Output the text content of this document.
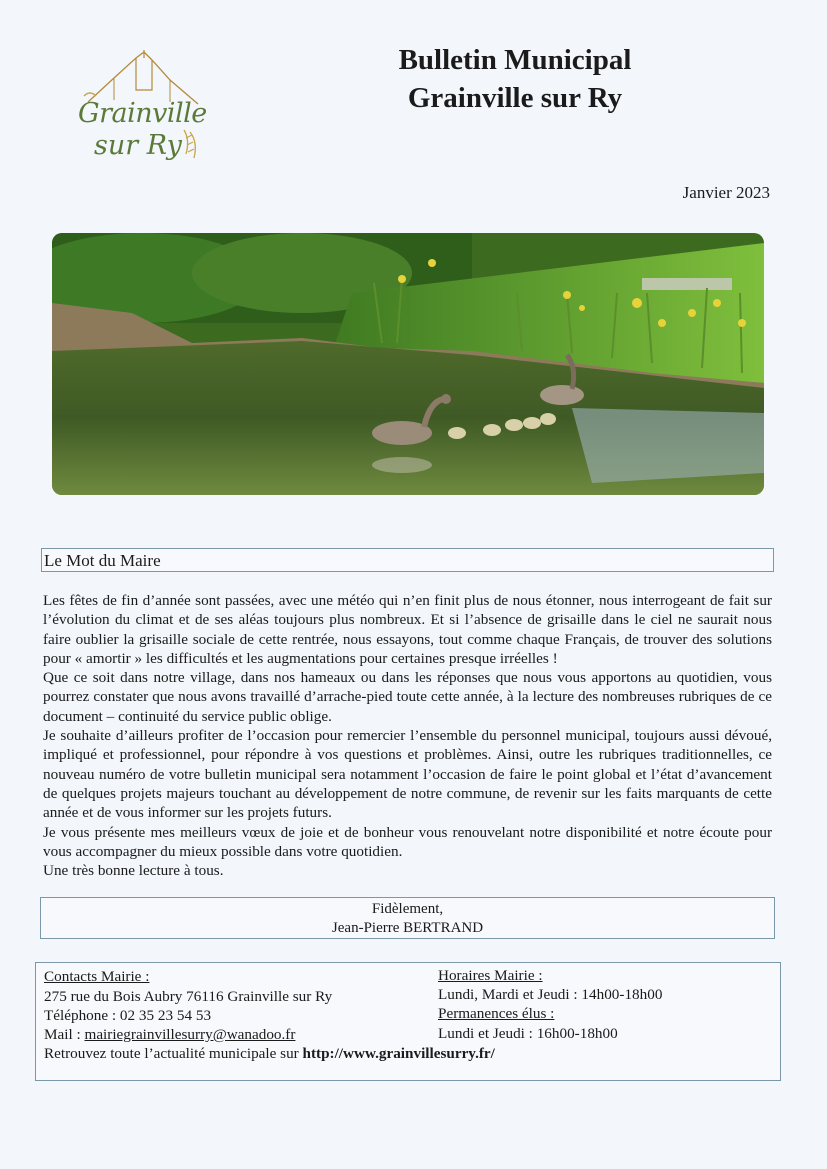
Grainville
sur Ry
Bulletin Municipal
Grainville sur Ry
Janvier 2023
Le Mot du Maire

Les fêtes de fin d’année sont passées, avec une météo qui n’en finit plus de nous étonner, nous interrogeant de fait sur l’évolution du climat et de ses aléas toujours plus nombreux. Et si l’absence de grisaille dans le ciel ne saurait nous faire oublier la grisaille sociale de cette rentrée, nous essayons, tout comme chaque Français, de trouver des solutions pour « amortir » les difficultés et les augmentations pour certaines presque irréelles !

Que ce soit dans notre village, dans nos hameaux ou dans les réponses que nous vous apportons au quotidien, vous pourrez constater que nous avons travaillé d’arrache-pied toute cette année, à la lecture des nombreuses rubriques de ce document – continuité du service public oblige.

Je souhaite d’ailleurs profiter de l’occasion pour remercier l’ensemble du personnel municipal, toujours aussi dévoué, impliqué et professionnel, pour répondre à vos questions et problèmes. Ainsi, outre les rubriques traditionnelles, ce nouveau numéro de votre bulletin municipal sera notamment l’occasion de faire le point global et l’état d’avancement de quelques projets majeurs touchant au développement de notre commune, de revenir sur les faits marquants de cette année et de vous informer sur les projets futurs.

Je vous présente mes meilleurs vœux de joie et de bonheur vous renouvelant notre disponibilité et notre écoute pour vous accompagner du mieux possible dans votre quotidien.

Une très bonne lecture à tous.

Fidèlement,
Jean-Pierre BERTRAND
Contacts Mairie :
275 rue du Bois Aubry 76116 Grainville sur Ry
Téléphone : 02 35 23 54 53
Mail : mairiegrainvillesurry@wanadoo.fr
Retrouvez toute l’actualité municipale sur http://www.grainvillesurry.fr/
Horaires Mairie :
Lundi, Mardi et Jeudi : 14h00-18h00
Permanences élus :
Lundi et Jeudi : 16h00-18h00
